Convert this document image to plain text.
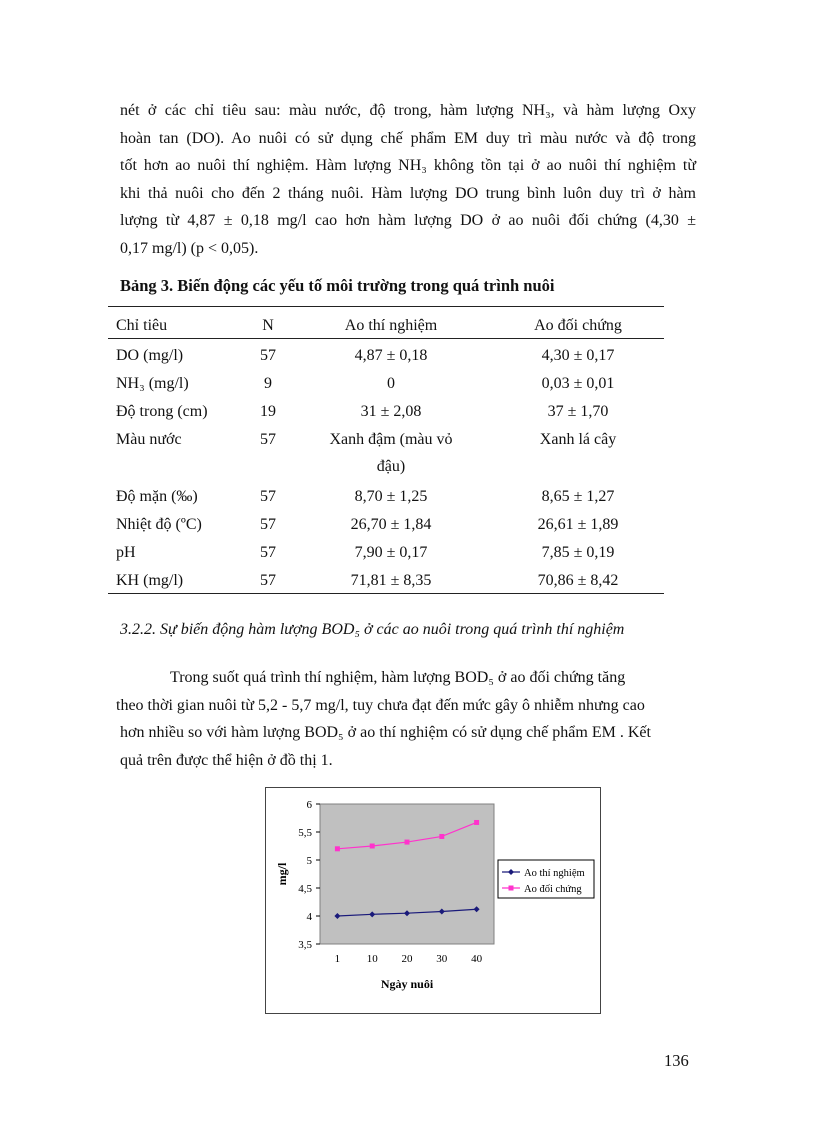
nét ở các chỉ tiêu sau: màu nước, độ trong, hàm lượng NH₃, và hàm lượng Oxy
hoàn tan (DO). Ao nuôi có sử dụng chế phẩm EM duy trì màu nước và độ trong
tốt hơn ao nuôi thí nghiệm. Hàm lượng NH₃ không tồn tại ở ao nuôi thí nghiệm từ
khi thả nuôi cho đến 2 tháng nuôi. Hàm lượng DO trung bình luôn duy trì ở hàm
lượng từ 4,87 ± 0,18 mg/l cao hơn hàm lượng DO ở ao nuôi đối chứng (4,30 ±
0,17 mg/l) (p < 0,05).
Bảng 3. Biến động các yếu tố môi trường trong quá trình nuôi
Chỉ tiêu	N	Ao thí nghiệm	Ao đối chứng
DO (mg/l)	57	4,87 ± 0,18	4,30 ± 0,17
NH₃ (mg/l)	9	0	0,03 ± 0,01
Độ trong (cm)	19	31 ± 2,08	37 ± 1,70
Màu nước	57	Xanh đậm (màu vỏ	Xanh lá cây
đậu)
Độ mặn (‰)	57	8,70 ± 1,25	8,65 ± 1,27
Nhiệt độ (ºC)	57	26,70 ± 1,84	26,61 ± 1,89
pH	57	7,90 ± 0,17	7,85 ± 0,19
KH (mg/l)	57	71,81 ± 8,35	70,86 ± 8,42
3.2.2. Sự biến động hàm lượng BOD₅ ở các ao nuôi trong quá trình thí nghiệm
Trong suốt quá trình thí nghiệm, hàm lượng BOD₅ ở ao đối chứng tăng
theo thời gian nuôi từ 5,2 - 5,7 mg/l, tuy chưa đạt đến mức gây ô nhiễm nhưng cao
hơn nhiều so với hàm lượng BOD₅ ở ao thí nghiệm có sử dụng chế phẩm EM . Kết
quả trên được thể hiện ở đồ thị 1.
3,5
4
4,5
5
5,5
6
1 10 20 30 40
Ngày nuôi
mg/l	Ao thí nghiệm
Ao đối chứng
136
